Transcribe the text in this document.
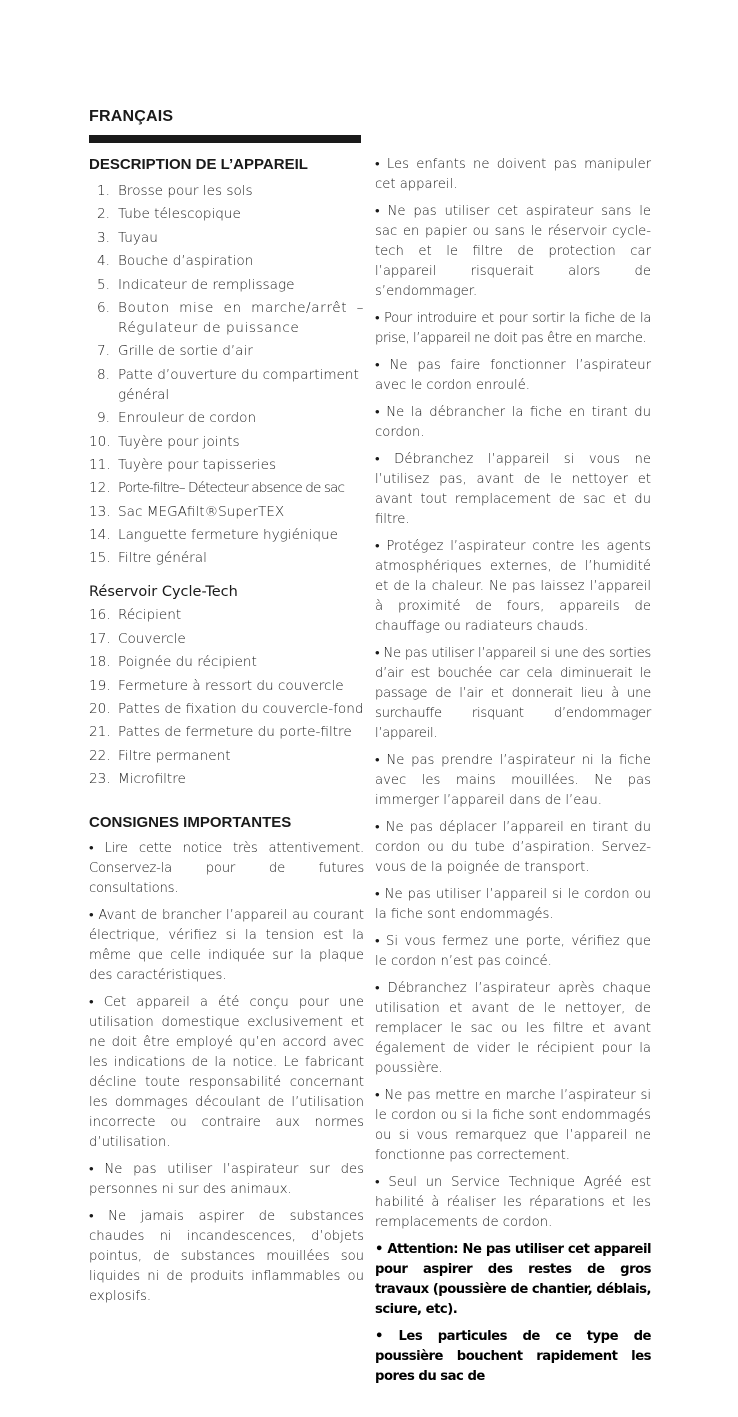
FRANÇAIS
DESCRIPTION DE L’APPAREIL
1. Brosse pour les sols
2. Tube télescopique
3. Tuyau
4. Bouche d’aspiration
5. Indicateur de remplissage
6. Bouton mise en marche/arrêt – Régulateur de puissance
7. Grille de sortie d’air
8. Patte d’ouverture du compartiment général
9. Enrouleur de cordon
10. Tuyère pour joints
11. Tuyère pour tapisseries
12. Porte-filtre– Détecteur absence de sac
13. Sac MEGAfilt®SuperTEX
14. Languette fermeture hygiénique
15. Filtre général
Réservoir Cycle-Tech
16. Récipient
17. Couvercle
18. Poignée du récipient
19. Fermeture à ressort du couvercle
20. Pattes de fixation du couvercle-fond
21. Pattes de fermeture du porte-filtre
22. Filtre permanent
23. Microfiltre
CONSIGNES IMPORTANTES

• Lire cette notice très attentivement. Conservez-la pour de futures consultations.

• Avant de brancher l’appareil au courant électrique, vérifiez si la tension est la même que celle indiquée sur la plaque des caractéristiques.

• Cet appareil a été conçu pour une utilisation domestique exclusivement et ne doit être employé qu’en accord avec les indications de la notice. Le fabricant décline toute responsabilité concernant les dommages découlant de l’utilisation incorrecte ou contraire aux normes d’utilisation.

• Ne pas utiliser l’aspirateur sur des personnes ni sur des animaux.

• Ne jamais aspirer de substances chaudes ni incandescences, d’objets pointus, de substances mouillées sou liquides ni de produits inflammables ou explosifs.

• Les enfants ne doivent pas manipuler cet appareil.

• Ne pas utiliser cet aspirateur sans le sac en papier ou sans le réservoir cycle-tech et le filtre de protection car l’appareil risquerait alors de s’endommager.

• Pour introduire et pour sortir la fiche de la prise, l’appareil ne doit pas être en marche.

• Ne pas faire fonctionner l’aspirateur avec le cordon enroulé.

• Ne la débrancher la fiche en tirant du cordon.

• Débranchez l’appareil si vous ne l’utilisez pas, avant de le nettoyer et avant tout remplacement de sac et du filtre.

• Protégez l’aspirateur contre les agents atmosphériques externes, de l’humidité et de la chaleur. Ne pas laissez l’appareil à proximité de fours, appareils de chauffage ou radiateurs chauds.

• Ne pas utiliser l’appareil si une des sorties d’air est bouchée car cela diminuerait le passage de l’air et donnerait lieu à une surchauffe risquant d’endommager l’appareil.

• Ne pas prendre l’aspirateur ni la fiche avec les mains mouillées. Ne pas immerger l’appareil dans de l’eau.

• Ne pas déplacer l’appareil en tirant du cordon ou du tube d’aspiration. Servez-vous de la poignée de transport.

• Ne pas utiliser l’appareil si le cordon ou la fiche sont endommagés.

• Si vous fermez une porte, vérifiez que le cordon n’est pas coincé.

• Débranchez l’aspirateur après chaque utilisation et avant de le nettoyer, de remplacer le sac ou les filtre et avant également de vider le récipient pour la poussière.

• Ne pas mettre en marche l’aspirateur si le cordon ou si la fiche sont endommagés ou si vous remarquez que l’appareil ne fonctionne pas correctement.

• Seul un Service Technique Agréé est habilité à réaliser les réparations et les remplacements de cordon.

• Attention: Ne pas utiliser cet appareil pour aspirer des restes de gros travaux (poussière de chantier, déblais, sciure, etc).

• Les particules de ce type de poussière bouchent rapidement les pores du sac de
